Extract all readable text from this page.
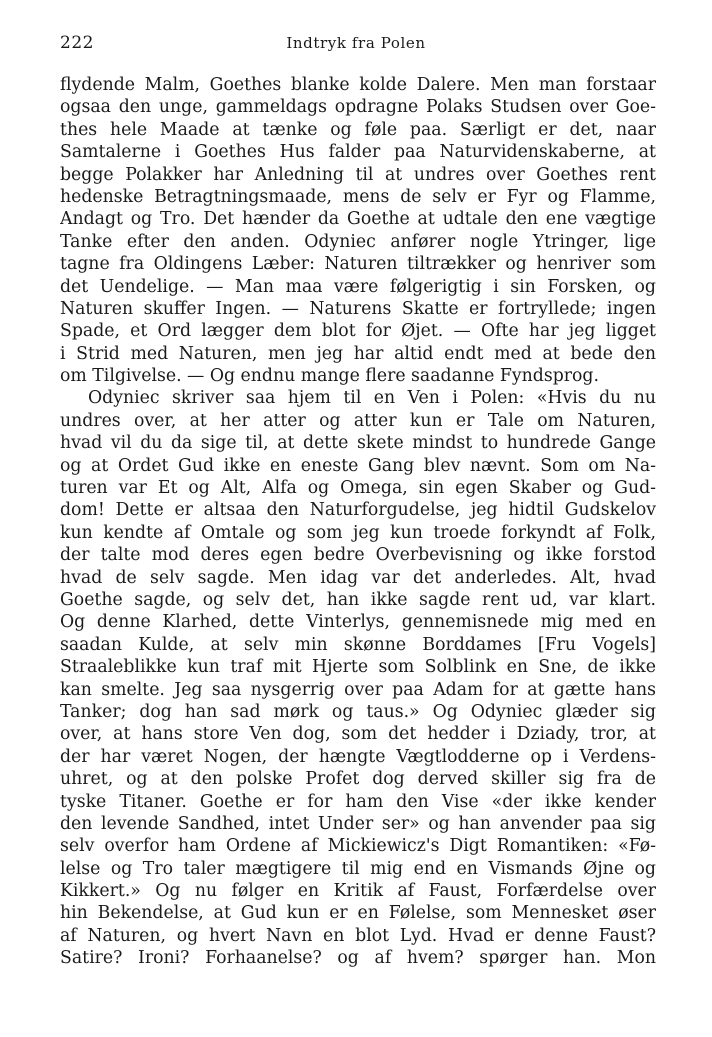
222	Indtryk fra Polen
flydende Malm, Goethes blanke kolde Dalere. Men man forstaar
ogsaa den unge, gammeldags opdragne Polaks Studsen over Goe-
thes hele Maade at tænke og føle paa. Særligt er det, naar
Samtalerne i Goethes Hus falder paa Naturvidenskaberne, at
begge Polakker har Anledning til at undres over Goethes rent
hedenske Betragtningsmaade, mens de selv er Fyr og Flamme,
Andagt og Tro. Det hænder da Goethe at udtale den ene vægtige
Tanke efter den anden. Odyniec anfører nogle Ytringer, lige
tagne fra Oldingens Læber: Naturen tiltrækker og henriver som
det Uendelige. — Man maa være følgerigtig i sin Forsken, og
Naturen skuffer Ingen. — Naturens Skatte er fortryllede; ingen
Spade, et Ord lægger dem blot for Øjet. — Ofte har jeg ligget
i Strid med Naturen, men jeg har altid endt med at bede den
om Tilgivelse. — Og endnu mange flere saadanne Fyndsprog.
Odyniec skriver saa hjem til en Ven i Polen: «Hvis du nu
undres over, at her atter og atter kun er Tale om Naturen,
hvad vil du da sige til, at dette skete mindst to hundrede Gange
og at Ordet Gud ikke en eneste Gang blev nævnt. Som om Na-
turen var Et og Alt, Alfa og Omega, sin egen Skaber og Gud-
dom! Dette er altsaa den Naturforgudelse, jeg hidtil Gudskelov
kun kendte af Omtale og som jeg kun troede forkyndt af Folk,
der talte mod deres egen bedre Overbevisning og ikke forstod
hvad de selv sagde. Men idag var det anderledes. Alt, hvad
Goethe sagde, og selv det, han ikke sagde rent ud, var klart.
Og denne Klarhed, dette Vinterlys, gennemisnede mig med en
saadan Kulde, at selv min skønne Borddames [Fru Vogels]
Straaleblikke kun traf mit Hjerte som Solblink en Sne, de ikke
kan smelte. Jeg saa nysgerrig over paa Adam for at gætte hans
Tanker; dog han sad mørk og taus.» Og Odyniec glæder sig
over, at hans store Ven dog, som det hedder i Dziady, tror, at
der har været Nogen, der hængte Vægtlodderne op i Verdens-
uhret, og at den polske Profet dog derved skiller sig fra de
tyske Titaner. Goethe er for ham den Vise «der ikke kender
den levende Sandhed, intet Under ser» og han anvender paa sig
selv overfor ham Ordene af Mickiewicz's Digt Romantiken: «Fø-
lelse og Tro taler mægtigere til mig end en Vismands Øjne og
Kikkert.» Og nu følger en Kritik af Faust, Forfærdelse over
hin Bekendelse, at Gud kun er en Følelse, som Mennesket øser
af Naturen, og hvert Navn en blot Lyd. Hvad er denne Faust?
Satire? Ironi? Forhaanelse? og af hvem? spørger han. Mon
